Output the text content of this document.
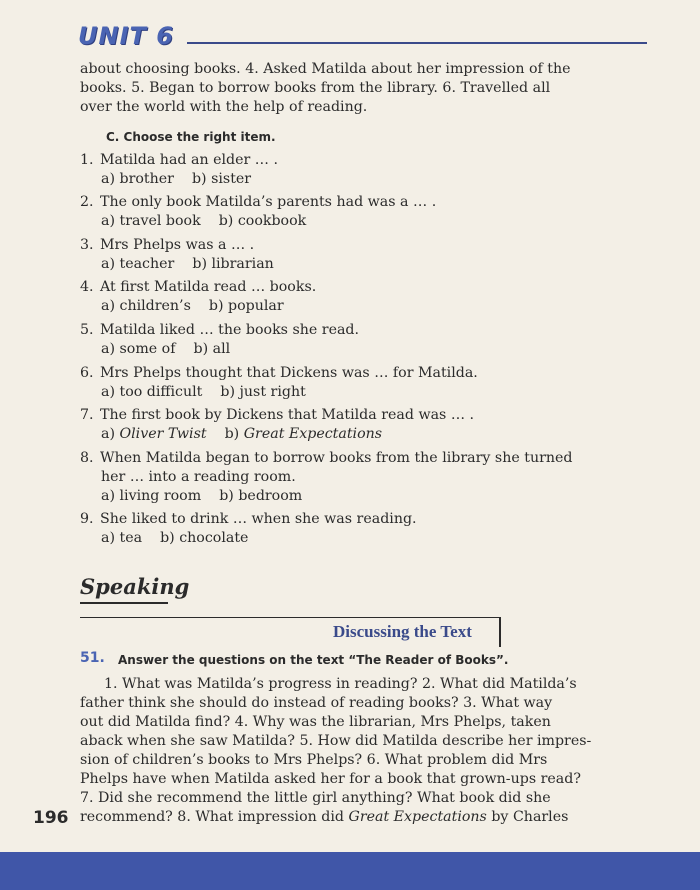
UNIT 6
about choosing books. 4. Asked Matilda about her impression of the
books. 5. Began to borrow books from the library. 6. Travelled all
over the world with the help of reading.
C. Choose the right item.
1. Matilda had an elder … .
a) brother    b) sister
2. The only book Matilda’s parents had was a … .
a) travel book    b) cookbook
3. Mrs Phelps was a … .
a) teacher    b) librarian
4. At first Matilda read … books.
a) children’s    b) popular
5. Matilda liked … the books she read.
a) some of    b) all
6. Mrs Phelps thought that Dickens was … for Matilda.
a) too difficult    b) just right
7. The first book by Dickens that Matilda read was … .
a) Oliver Twist    b) Great Expectations
8. When Matilda began to borrow books from the library she turned
her … into a reading room.
a) living room    b) bedroom
9. She liked to drink … when she was reading.
a) tea    b) chocolate
Speaking
Discussing the Text
51. Answer the questions on the text “The Reader of Books”.
1. What was Matilda’s progress in reading? 2. What did Matilda’s
father think she should do instead of reading books? 3. What way
out did Matilda find? 4. Why was the librarian, Mrs Phelps, taken
aback when she saw Matilda? 5. How did Matilda describe her impres-
sion of children’s books to Mrs Phelps? 6. What problem did Mrs
Phelps have when Matilda asked her for a book that grown-ups read?
7. Did she recommend the little girl anything? What book did she
recommend? 8. What impression did Great Expectations by Charles
196
